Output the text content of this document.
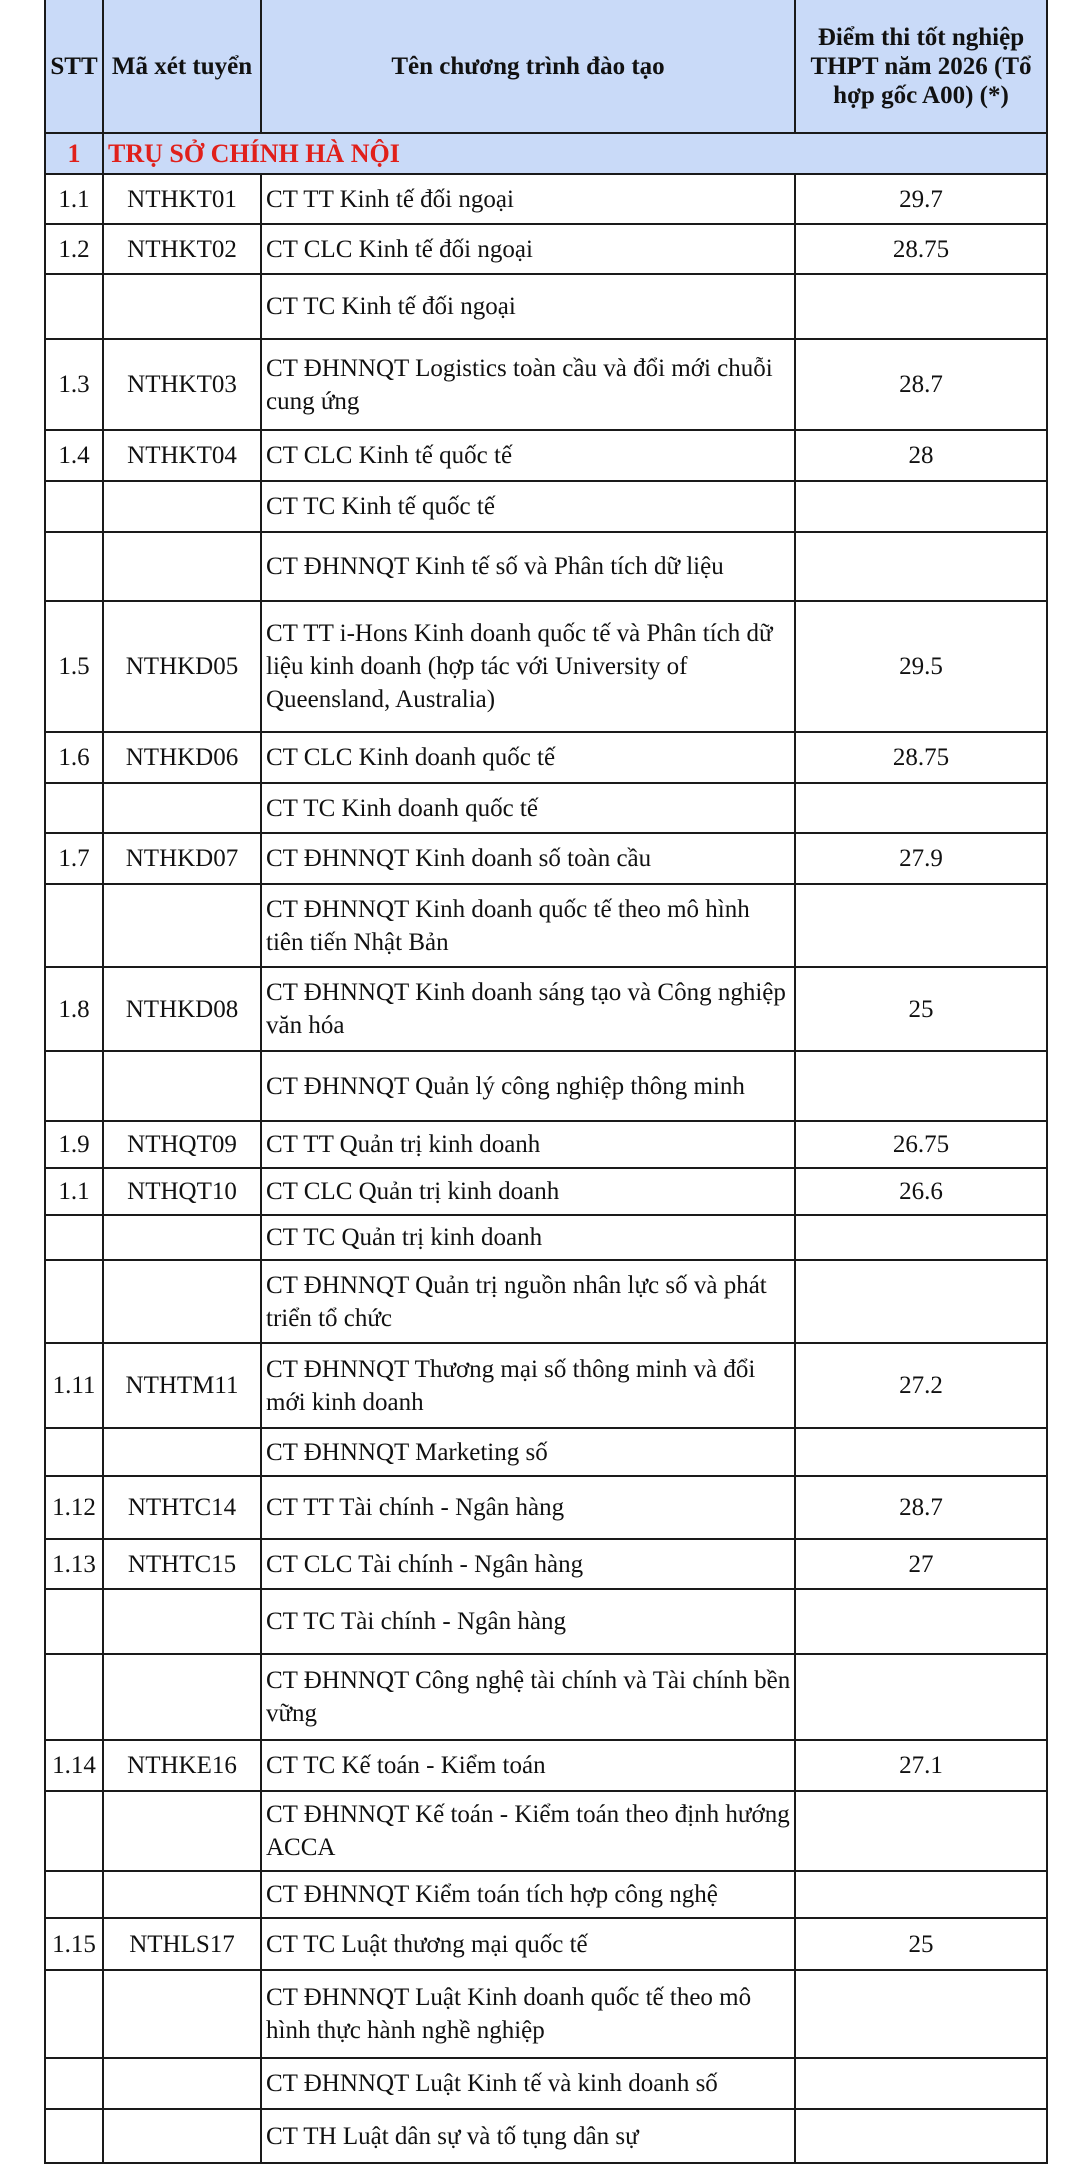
STT	Mã xét tuyển	Tên chương trình đào tạo	Điểm thi tốt nghiệp THPT năm 2026 (Tổ hợp gốc A00) (*)
1	TRỤ SỞ CHÍNH HÀ NỘI		
1.1	NTHKT01	CT TT Kinh tế đối ngoại	29.7
1.2	NTHKT02	CT CLC Kinh tế đối ngoại	28.75
		CT TC Kinh tế đối ngoại	
1.3	NTHKT03	CT ĐHNNQT Logistics toàn cầu và đổi mới chuỗi cung ứng	28.7
1.4	NTHKT04	CT CLC Kinh tế quốc tế	28
		CT TC Kinh tế quốc tế	
		CT ĐHNNQT Kinh tế số và Phân tích dữ liệu	
1.5	NTHKD05	CT TT i-Hons Kinh doanh quốc tế và Phân tích dữ liệu kinh doanh (hợp tác với University of Queensland, Australia)	29.5
1.6	NTHKD06	CT CLC Kinh doanh quốc tế	28.75
		CT TC Kinh doanh quốc tế	
1.7	NTHKD07	CT ĐHNNQT Kinh doanh số toàn cầu	27.9
		CT ĐHNNQT Kinh doanh quốc tế theo mô hình tiên tiến Nhật Bản	
1.8	NTHKD08	CT ĐHNNQT Kinh doanh sáng tạo và Công nghiệp văn hóa	25
		CT ĐHNNQT Quản lý công nghiệp thông minh	
1.9	NTHQT09	CT TT Quản trị kinh doanh	26.75
1.1	NTHQT10	CT CLC Quản trị kinh doanh	26.6
		CT TC Quản trị kinh doanh	
		CT ĐHNNQT Quản trị nguồn nhân lực số và phát triển tổ chức	
1.11	NTHTM11	CT ĐHNNQT Thương mại số thông minh và đổi mới kinh doanh	27.2
		CT ĐHNNQT Marketing số	
1.12	NTHTC14	CT TT Tài chính - Ngân hàng	28.7
1.13	NTHTC15	CT CLC Tài chính - Ngân hàng	27
		CT TC Tài chính - Ngân hàng	
		CT ĐHNNQT Công nghệ tài chính và Tài chính bền vững	
1.14	NTHKE16	CT TC Kế toán - Kiểm toán	27.1
		CT ĐHNNQT Kế toán - Kiểm toán theo định hướng ACCA	
		CT ĐHNNQT Kiểm toán tích hợp công nghệ	
1.15	NTHLS17	CT TC Luật thương mại quốc tế	25
		CT ĐHNNQT Luật Kinh doanh quốc tế theo mô hình thực hành nghề nghiệp	
		CT ĐHNNQT Luật Kinh tế và kinh doanh số	
		CT TH Luật dân sự và tố tụng dân sự	
